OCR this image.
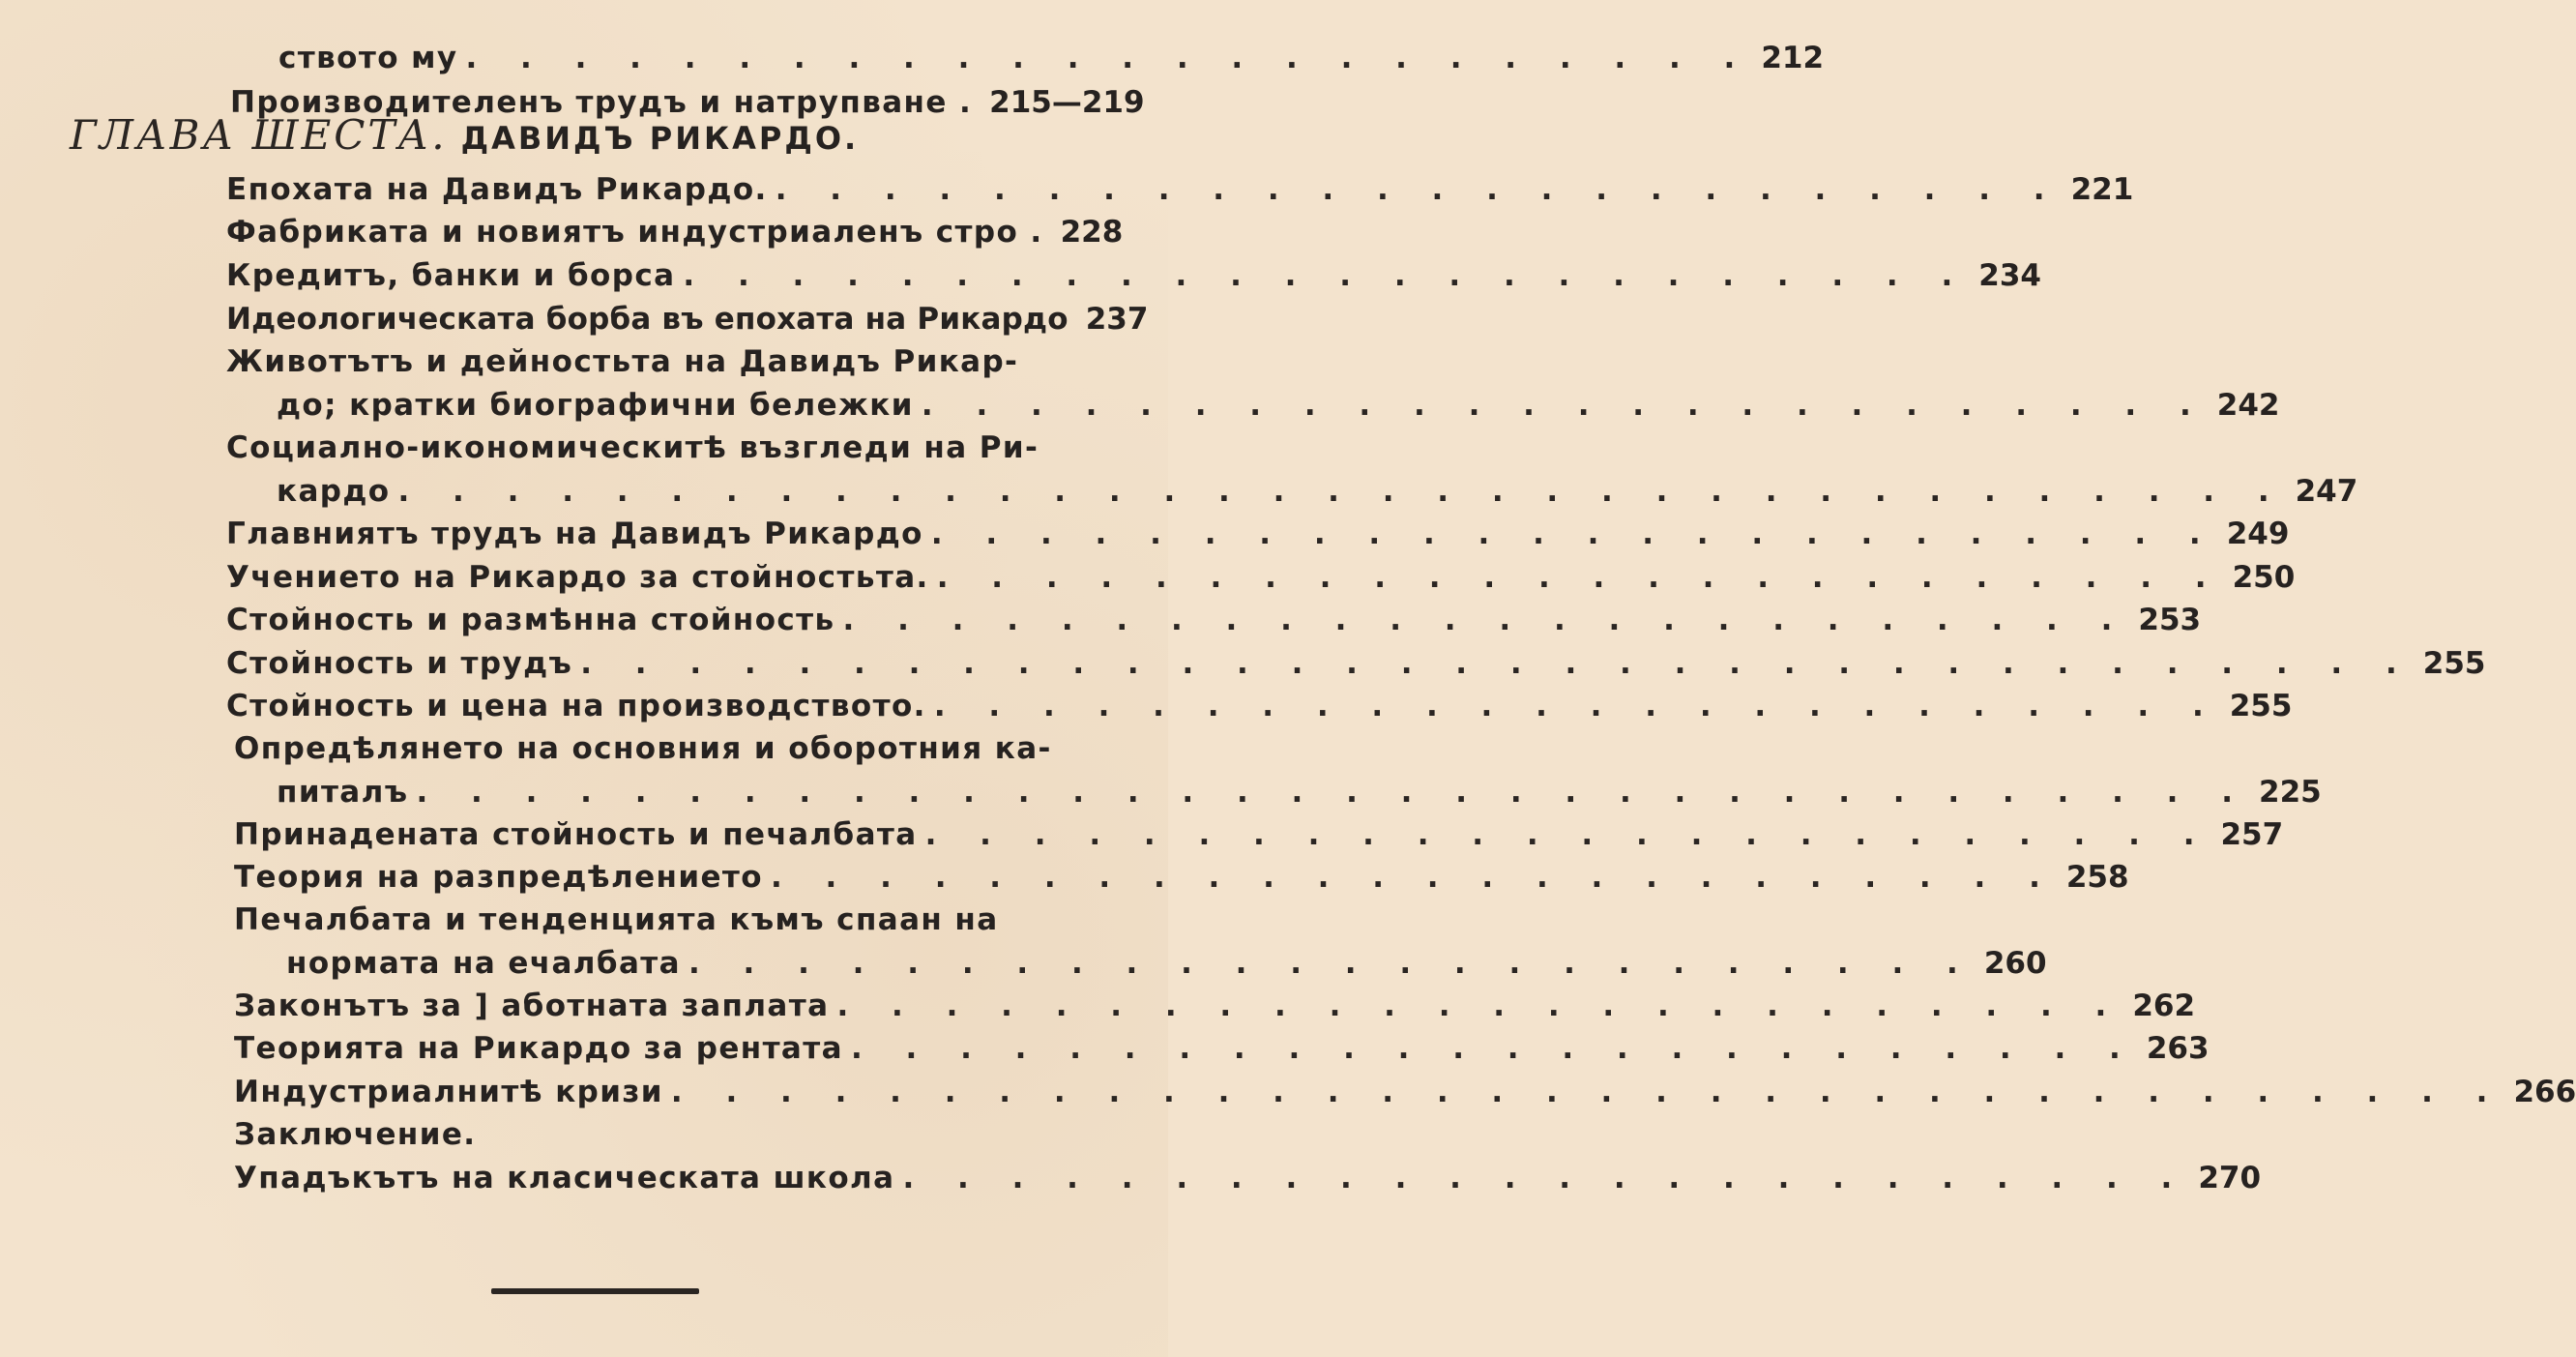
ството му . . . . . . . . . . . . . . . . . . . . . . . . 212
Производителенъ трудъ и натрупване . 215—219
ГЛАВА ШЕСТА. ДАВИДЪ РИКАРДО.
Епохата на Давидъ Рикардо. . . . . . . . . . . . . . . . . . . . . . . . . 221
Фабриката и новиятъ индустриаленъ стро . 228
Кредитъ, банки и борса . . . . . . . . . . . . . . . . . . . . . . . . 234
Идеологическата борба въ епохата на Рикардо 237
Животътъ и дейностьта на Давидъ Рикар-
до; кратки биографични бележки . . . . . . . . . . . . . . . . . . . . . . . . 242
Социално-икономическитѣ възгледи на Ри-
кардо . . . . . . . . . . . . . . . . . . . . . . . . . . . . . . . . . . . 247
Главниятъ трудъ на Давидъ Рикардо . . . . . . . . . . . . . . . . . . . . . . . . 249
Учението на Рикардо за стойностьта. . . . . . . . . . . . . . . . . . . . . . . . . 250
Стойность и размѣнна стойность . . . . . . . . . . . . . . . . . . . . . . . . 253
Стойность и трудъ . . . . . . . . . . . . . . . . . . . . . . . . . . . . . . . . . . 255
Стойность и цена на производството. . . . . . . . . . . . . . . . . . . . . . . . . 255
Опредѣлянето на основния и оборотния ка-
питалъ . . . . . . . . . . . . . . . . . . . . . . . . . . . . . . . . . . 225
Принадената стойность и печалбата . . . . . . . . . . . . . . . . . . . . . . . . 257
Теория на разпредѣлението . . . . . . . . . . . . . . . . . . . . . . . . 258
Печалбата и тенденцията къмъ спаан на
нормата на ечалбата . . . . . . . . . . . . . . . . . . . . . . . . 260
Законътъ за ] аботната заплата . . . . . . . . . . . . . . . . . . . . . . . . 262
Теорията на Рикардо за рентата . . . . . . . . . . . . . . . . . . . . . . . . 263
Индустриалнитѣ кризи . . . . . . . . . . . . . . . . . . . . . . . . . . . . . . . . . . 266
Заключение.
Упадъкътъ на класическата школа . . . . . . . . . . . . . . . . . . . . . . . . 270
